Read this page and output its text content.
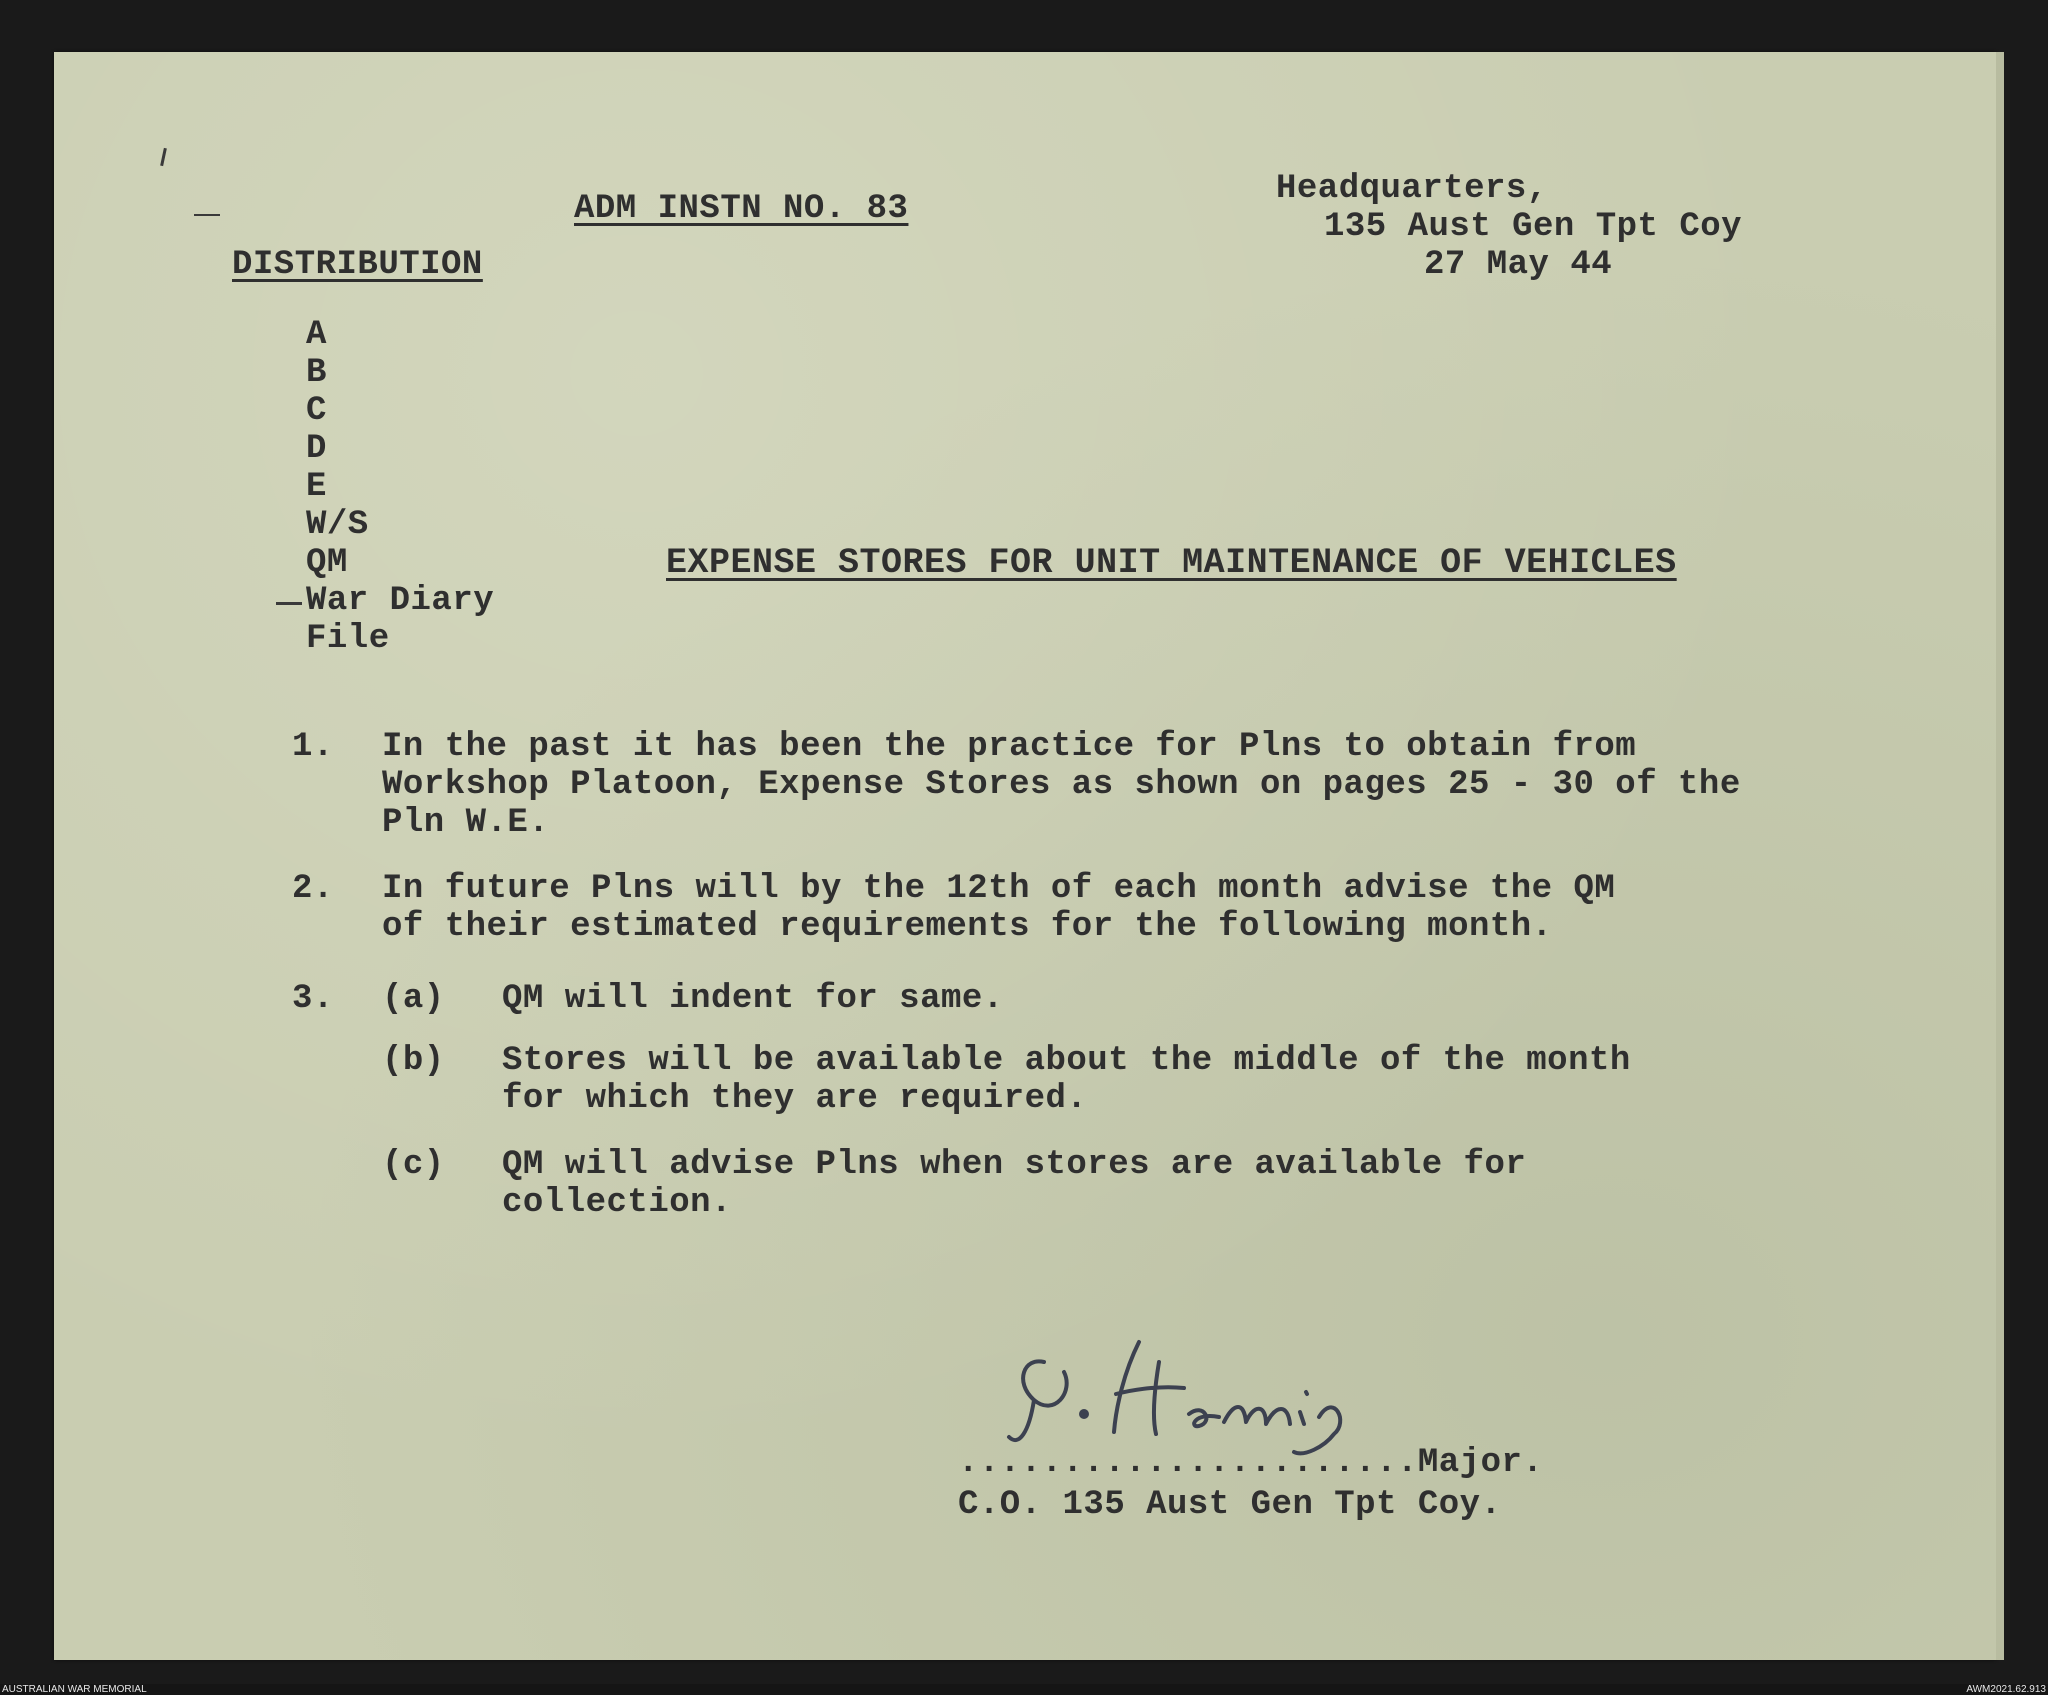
ADM INSTN NO. 83
Headquarters,
135 Aust Gen Tpt Coy
27 May 44
DISTRIBUTION
A
B
C
D
E
W/S
QM
War Diary
File
EXPENSE STORES FOR UNIT MAINTENANCE OF VEHICLES
1. In the past it has been the practice for Plns to obtain from
Workshop Platoon, Expense Stores as shown on pages 25 - 30 of the
Pln W.E.
2. In future Plns will by the 12th of each month advise the QM
of their estimated requirements for the following month.
3. (a) QM will indent for same.
(b) Stores will be available about the middle of the month
for which they are required.
(c) QM will advise Plns when stores are available for
collection.
......................Major.
C.O. 135 Aust Gen Tpt Coy.
AUSTRALIAN WAR MEMORIAL	AWM2021.62.913
